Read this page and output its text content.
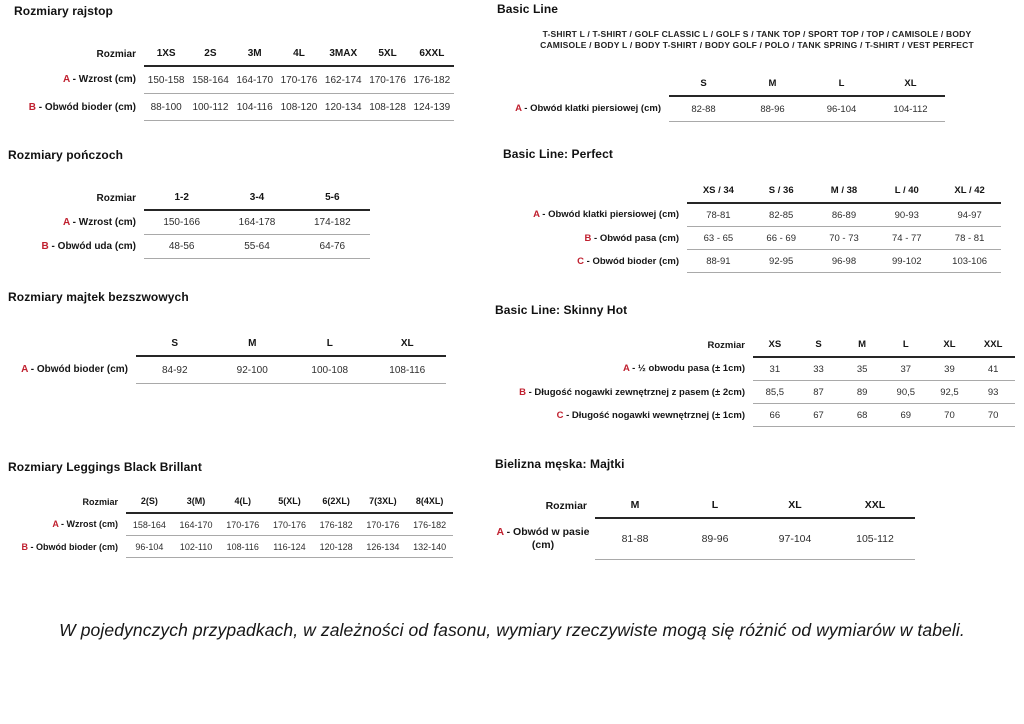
Rozmiary rajstop
Rozmiar	1XS	2S	3M	4L	3MAX	5XL	6XXL
A - Wzrost (cm)	150-158	158-164	164-170	170-176	162-174	170-176	176-182
B - Obwód bioder (cm)	88-100	100-112	104-116	108-120	120-134	108-128	124-139
Rozmiary pończoch
Rozmiar	1-2	3-4	5-6
A - Wzrost (cm)	150-166	164-178	174-182
B - Obwód uda (cm)	48-56	55-64	64-76
Rozmiary majtek bezszwowych
	S	M	L	XL
A - Obwód bioder (cm)	84-92	92-100	100-108	108-116
Rozmiary Leggings Black Brillant
Rozmiar	2(S)	3(M)	4(L)	5(XL)	6(2XL)	7(3XL)	8(4XL)
A - Wzrost (cm)	158-164	164-170	170-176	170-176	176-182	170-176	176-182
B - Obwód bioder (cm)	96-104	102-110	108-116	116-124	120-128	126-134	132-140
Basic Line
T-SHIRT L / T-SHIRT / GOLF CLASSIC L / GOLF S / TANK TOP / SPORT TOP / TOP / CAMISOLE / BODY
CAMISOLE / BODY L / BODY T-SHIRT / BODY GOLF / POLO / TANK SPRING / T-SHIRT / VEST PERFECT
	S	M	L	XL
A - Obwód klatki piersiowej (cm)	82-88	88-96	96-104	104-112
Basic Line: Perfect
	XS / 34	S / 36	M / 38	L / 40	XL / 42
A - Obwód klatki piersiowej (cm)	78-81	82-85	86-89	90-93	94-97
B - Obwód pasa (cm)	63 - 65	66 - 69	70 - 73	74 - 77	78 - 81
C - Obwód bioder (cm)	88-91	92-95	96-98	99-102	103-106
Basic Line: Skinny Hot
Rozmiar	XS	S	M	L	XL	XXL
A - ½ obwodu pasa (± 1cm)	31	33	35	37	39	41
B - Długość nogawki zewnętrznej z pasem (± 2cm)	85,5	87	89	90,5	92,5	93
C - Długość nogawki wewnętrznej (± 1cm)	66	67	68	69	70	70
Bielizna męska: Majtki
Rozmiar	M	L	XL	XXL
A - Obwód w pasie (cm)	81-88	89-96	97-104	105-112
W pojedynczych przypadkach, w zależności od fasonu, wymiary rzeczywiste mogą się różnić od wymiarów w tabeli.
